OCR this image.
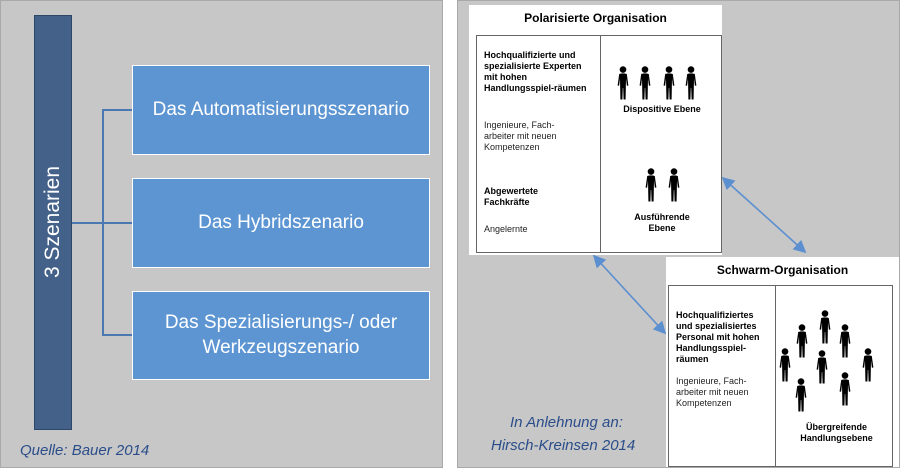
3 Szenarien
Das Automatisierungsszenario
Das Hybridszenario
Das Spezialisierungs-/ oder Werkzeugszenario
Quelle: Bauer 2014
Polarisierte Organisation
Hochqualifizierte und spezialisierte Experten mit hohen Handlungsspiel-räumen
Ingenieure, Fach-arbeiter mit neuen Kompetenzen
Abgewertete Fachkräfte
Angelernte
Dispositive Ebene
Ausführende Ebene
Schwarm-Organisation
Hochqualifiziertes und spezialisiertes Personal mit hohen Handlungsspiel-räumen
Ingenieure, Fach-arbeiter mit neuen Kompetenzen
Übergreifende Handlungsebene
In Anlehnung an:
Hirsch-Kreinsen 2014
